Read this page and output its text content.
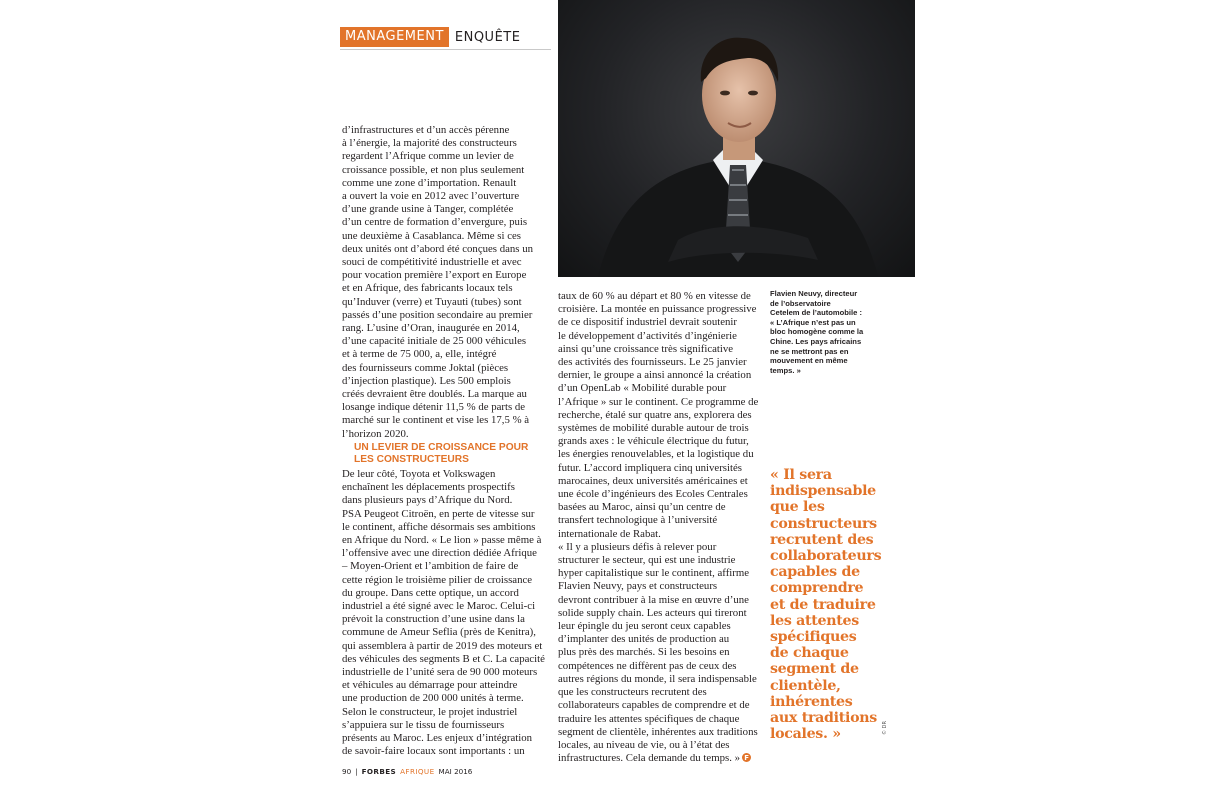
MANAGEMENT ENQUÊTE
d’infrastructures et d’un accès pérenne
à l’énergie, la majorité des constructeurs
regardent l’Afrique comme un levier de
croissance possible, et non plus seulement
comme une zone d’importation. Renault
a ouvert la voie en 2012 avec l’ouverture
d’une grande usine à Tanger, complétée
d’un centre de formation d’envergure, puis
une deuxième à Casablanca. Même si ces
deux unités ont d’abord été conçues dans un
souci de compétitivité industrielle et avec
pour vocation première l’export en Europe
et en Afrique, des fabricants locaux tels
qu’Induver (verre) et Tuyauti (tubes) sont
passés d’une position secondaire au premier
rang. L’usine d’Oran, inaugurée en 2014,
d’une capacité initiale de 25 000 véhicules
et à terme de 75 000, a, elle, intégré
des fournisseurs comme Joktal (pièces
d’injection plastique). Les 500 emplois
créés devraient être doublés. La marque au
losange indique détenir 11,5 % de parts de
marché sur le continent et vise les 17,5 % à
l’horizon 2020.
UN LEVIER DE CROISSANCE POUR LES CONSTRUCTEURS
De leur côté, Toyota et Volkswagen
enchaînent les déplacements prospectifs
dans plusieurs pays d’Afrique du Nord.
PSA Peugeot Citroën, en perte de vitesse sur
le continent, affiche désormais ses ambitions
en Afrique du Nord. « Le lion » passe même à
l’offensive avec une direction dédiée Afrique
– Moyen-Orient et l’ambition de faire de
cette région le troisième pilier de croissance
du groupe. Dans cette optique, un accord
industriel a été signé avec le Maroc. Celui-ci
prévoit la construction d’une usine dans la
commune de Ameur Seflia (près de Kenitra),
qui assemblera à partir de 2019 des moteurs et
des véhicules des segments B et C. La capacité
industrielle de l’unité sera de 90 000 moteurs
et véhicules au démarrage pour atteindre
une production de 200 000 unités à terme.
Selon le constructeur, le projet industriel
s’appuiera sur le tissu de fournisseurs
présents au Maroc. Les enjeux d’intégration
de savoir-faire locaux sont importants : un
taux de 60 % au départ et 80 % en vitesse de
croisière. La montée en puissance progressive
de ce dispositif industriel devrait soutenir
le développement d’activités d’ingénierie
ainsi qu’une croissance très significative
des activités des fournisseurs. Le 25 janvier
dernier, le groupe a ainsi annoncé la création
d’un OpenLab « Mobilité durable pour
l’Afrique » sur le continent. Ce programme de
recherche, étalé sur quatre ans, explorera des
systèmes de mobilité durable autour de trois
grands axes : le véhicule électrique du futur,
les énergies renouvelables, et la logistique du
futur. L’accord impliquera cinq universités
marocaines, deux universités américaines et
une école d’ingénieurs des Ecoles Centrales
basées au Maroc, ainsi qu’un centre de
transfert technologique à l’université
internationale de Rabat.
« Il y a plusieurs défis à relever pour
structurer le secteur, qui est une industrie
hyper capitalistique sur le continent, affirme
Flavien Neuvy, pays et constructeurs
devront contribuer à la mise en œuvre d’une
solide supply chain. Les acteurs qui tireront
leur épingle du jeu seront ceux capables
d’implanter des unités de production au
plus près des marchés. Si les besoins en
compétences ne diffèrent pas de ceux des
autres régions du monde, il sera indispensable
que les constructeurs recrutent des
collaborateurs capables de comprendre et de
traduire les attentes spécifiques de chaque
segment de clientèle, inhérentes aux traditions
locales, au niveau de vie, ou à l’état des
infrastructures. Cela demande du temps. » F
Flavien Neuvy, directeur
de l’observatoire
Cetelem de l’automobile :
« L’Afrique n’est pas un
bloc homogène comme la
Chine. Les pays africains
ne se mettront pas en
mouvement en même
temps. »
« Il sera
indispensable
que les
constructeurs
recrutent des
collaborateurs
capables de
comprendre
et de traduire
les attentes
spécifiques
de chaque
segment de
clientèle,
inhérentes
aux traditions
locales. »	© DR
90 | FORBES AFRIQUE MAI 2016
